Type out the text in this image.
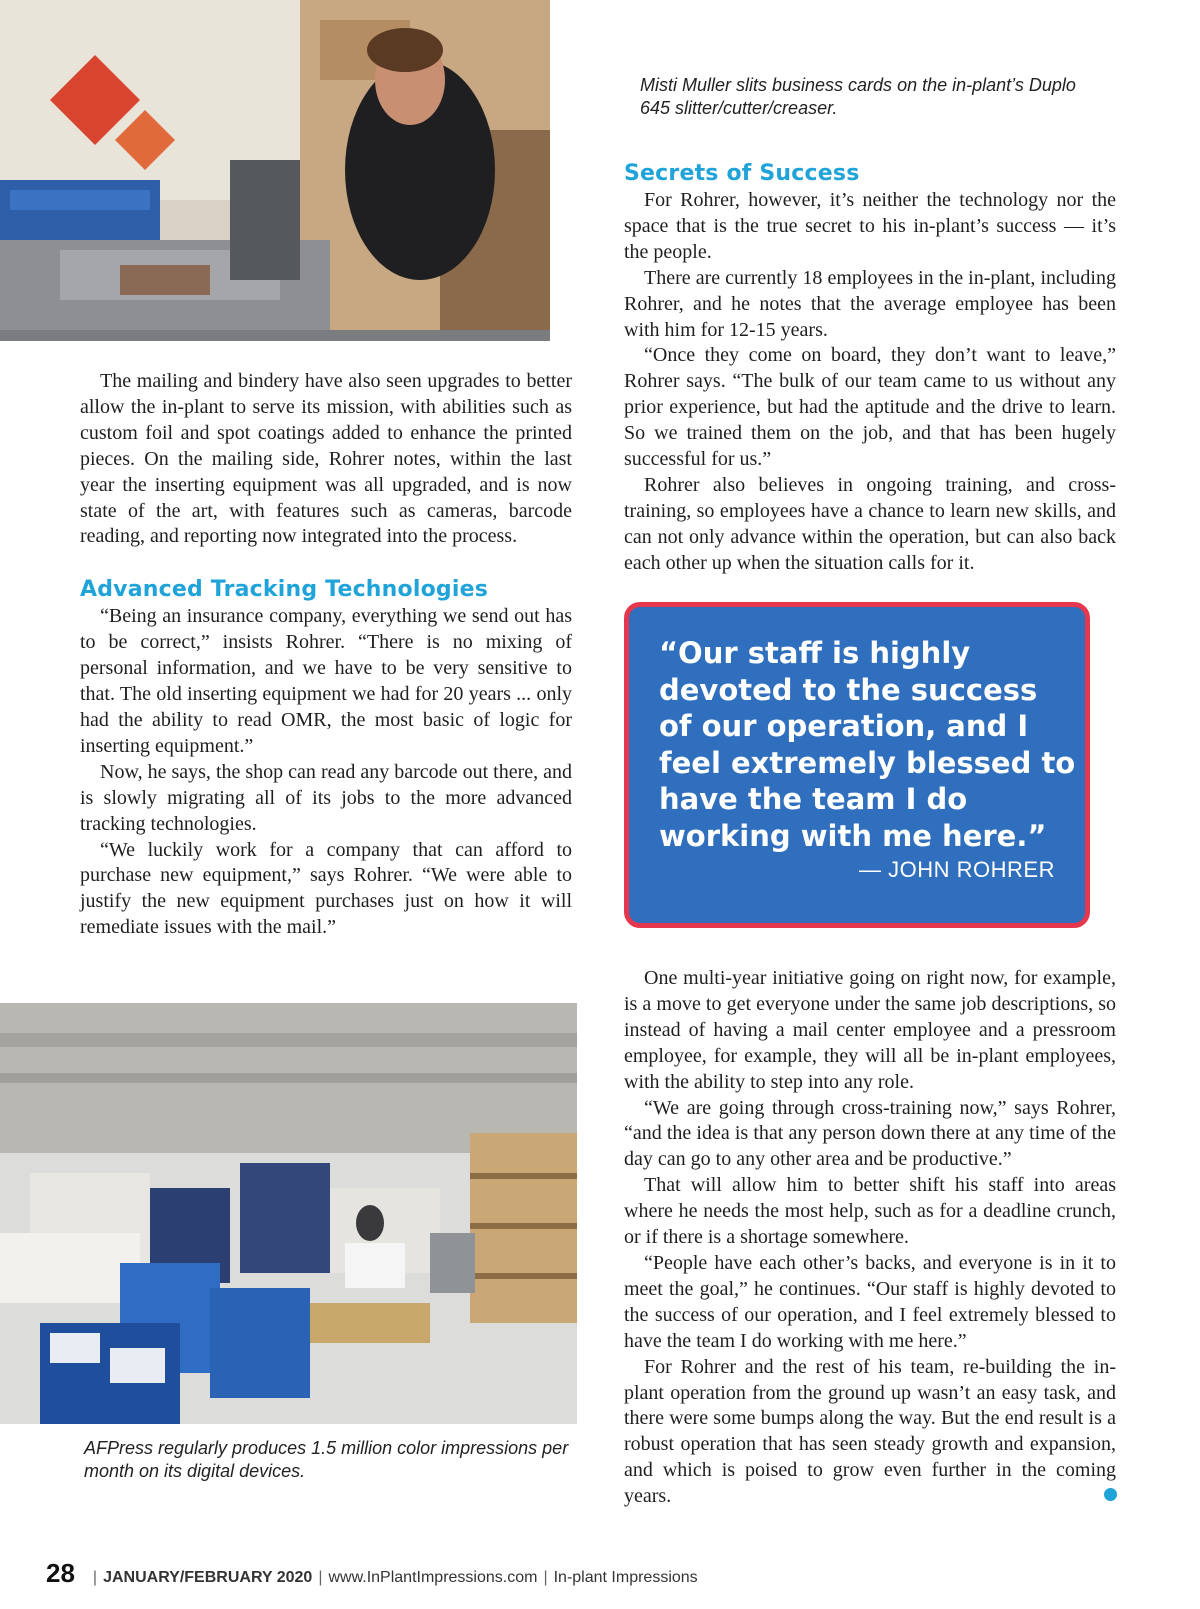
Misti Muller slits business cards on the in-plant’s Duplo 645 slitter/cutter/creaser.

The mailing and bindery have also seen upgrades to better allow the in-plant to serve its mission, with abilities such as custom foil and spot coatings added to enhance the printed pieces. On the mailing side, Rohrer notes, within the last year the inserting equipment was all upgraded, and is now state of the art, with features such as cameras, barcode reading, and reporting now integrated into the process.

Advanced Tracking Technologies

“Being an insurance company, everything we send out has to be correct,” insists Rohrer. “There is no mixing of personal information, and we have to be very sensitive to that. The old inserting equipment we had for 20 years ... only had the ability to read OMR, the most basic of logic for inserting equipment.”

Now, he says, the shop can read any barcode out there, and is slowly migrating all of its jobs to the more advanced tracking technologies.

“We luckily work for a company that can afford to purchase new equipment,” says Rohrer. “We were able to justify the new equipment purchases just on how it will remediate issues with the mail.”

AFPress regularly produces 1.5 million color impressions per month on its digital devices.
Secrets of Success

For Rohrer, however, it’s neither the technology nor the space that is the true secret to his in-plant’s success — it’s the people.

There are currently 18 employees in the in-plant, including Rohrer, and he notes that the average employee has been with him for 12-15 years.

“Once they come on board, they don’t want to leave,” Rohrer says. “The bulk of our team came to us without any prior experience, but had the aptitude and the drive to learn. So we trained them on the job, and that has been hugely successful for us.”

Rohrer also believes in ongoing training, and cross-training, so employees have a chance to learn new skills, and can not only advance within the operation, but can also back each other up when the situation calls for it.

“Our staff is highly devoted to the success of our operation, and I feel extremely blessed to have the team I do working with me here.”
— JOHN ROHRER

One multi-year initiative going on right now, for example, is a move to get everyone under the same job descriptions, so instead of having a mail center employee and a pressroom employee, for example, they will all be in-plant employees, with the ability to step into any role.

“We are going through cross-training now,” says Rohrer, “and the idea is that any person down there at any time of the day can go to any other area and be productive.”

That will allow him to better shift his staff into areas where he needs the most help, such as for a deadline crunch, or if there is a shortage somewhere.

“People have each other’s backs, and everyone is in it to meet the goal,” he continues. “Our staff is highly devoted to the success of our operation, and I feel extremely blessed to have the team I do working with me here.”

For Rohrer and the rest of his team, re-building the in-plant operation from the ground up wasn’t an easy task, and there were some bumps along the way. But the end result is a robust operation that has seen steady growth and expansion, and which is poised to grow even further in the coming years.

28 | JANUARY/FEBRUARY 2020 | www.InPlantImpressions.com | In-plant Impressions
